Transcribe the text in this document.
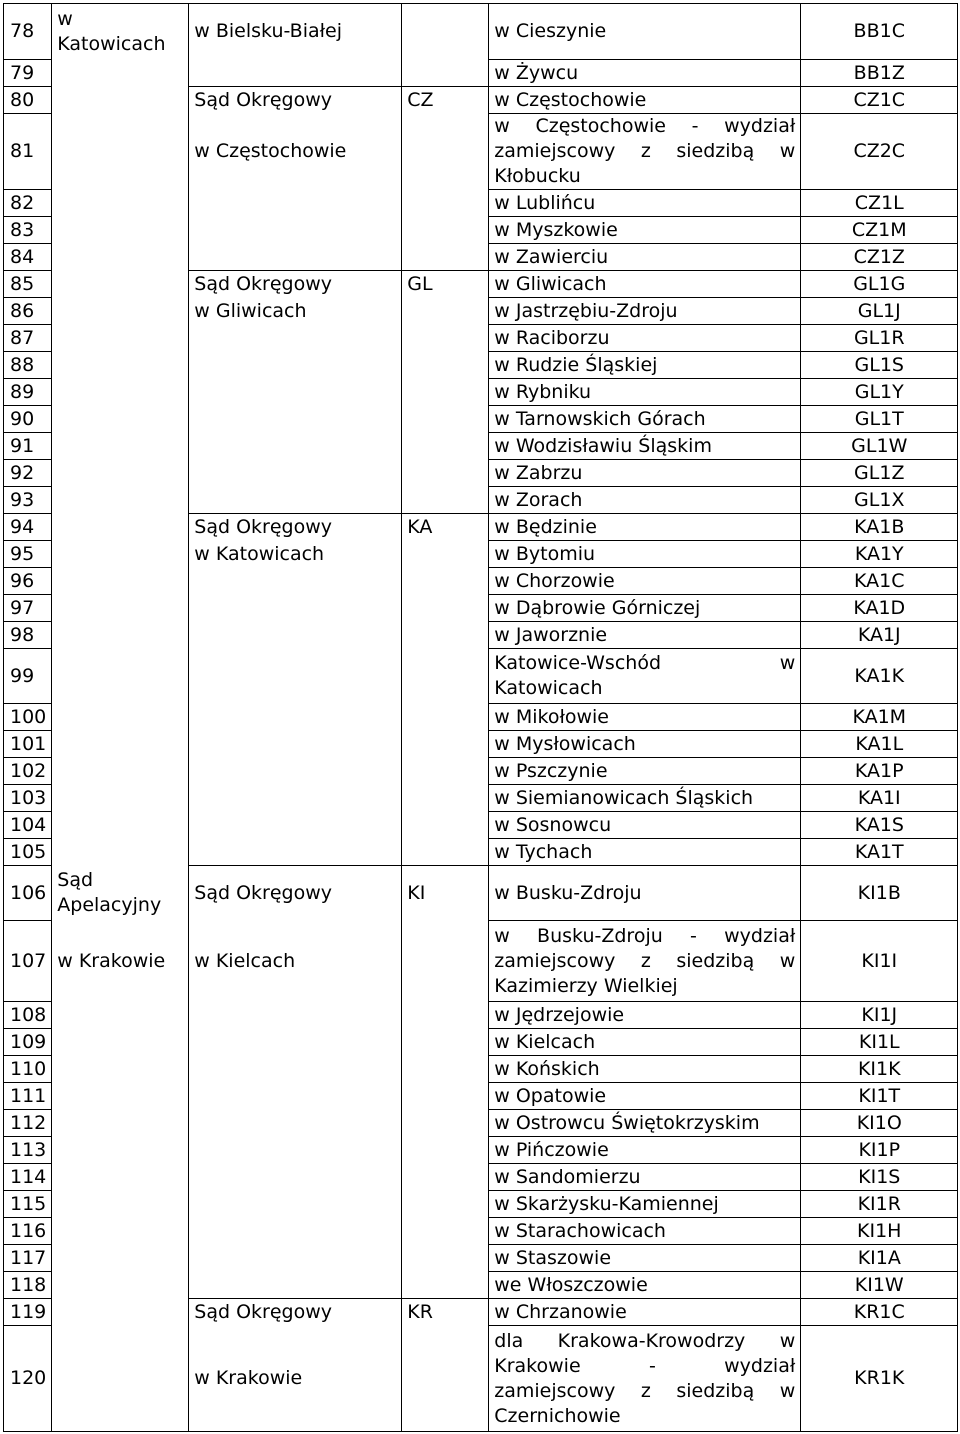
78	w Katowicach	w Bielsku-Białej		w Cieszynie	BB1C
79				w Żywcu	BB1Z
80		Sąd Okręgowy	CZ	w Częstochowie	CZ1C
81		w Częstochowie		w Częstochowie - wydział zamiejscowy z siedzibą w Kłobucku	CZ2C
82				w Lublińcu	CZ1L
83				w Myszkowie	CZ1M
84				w Zawierciu	CZ1Z
85		Sąd Okręgowy	GL	w Gliwicach	GL1G
86		w Gliwicach		w Jastrzębiu-Zdroju	GL1J
87				w Raciborzu	GL1R
88				w Rudzie Śląskiej	GL1S
89				w Rybniku	GL1Y
90				w Tarnowskich Górach	GL1T
91				w Wodzisławiu Śląskim	GL1W
92				w Zabrzu	GL1Z
93				w Zorach	GL1X
94		Sąd Okręgowy	KA	w Będzinie	KA1B
95		w Katowicach		w Bytomiu	KA1Y
96				w Chorzowie	KA1C
97				w Dąbrowie Górniczej	KA1D
98				w Jaworznie	KA1J
99				Katowice-Wschód w Katowicach	KA1K
100				w Mikołowie	KA1M
101				w Mysłowicach	KA1L
102				w Pszczynie	KA1P
103				w Siemianowicach Śląskich	KA1I
104				w Sosnowcu	KA1S
105				w Tychach	KA1T
106	Sąd Apelacyjny	Sąd Okręgowy	KI	w Busku-Zdroju	KI1B
107	w Krakowie	w Kielcach		w Busku-Zdroju - wydział zamiejscowy z siedzibą w Kazimierzy Wielkiej	KI1I
108				w Jędrzejowie	KI1J
109				w Kielcach	KI1L
110				w Końskich	KI1K
111				w Opatowie	KI1T
112				w Ostrowcu Świętokrzyskim	KI1O
113				w Pińczowie	KI1P
114				w Sandomierzu	KI1S
115				w Skarżysku-Kamiennej	KI1R
116				w Starachowicach	KI1H
117				w Staszowie	KI1A
118				we Włoszczowie	KI1W
119		Sąd Okręgowy	KR	w Chrzanowie	KR1C
120		w Krakowie		dla Krakowa-Krowodrzy w Krakowie - wydział zamiejscowy z siedzibą w Czernichowie	KR1K
